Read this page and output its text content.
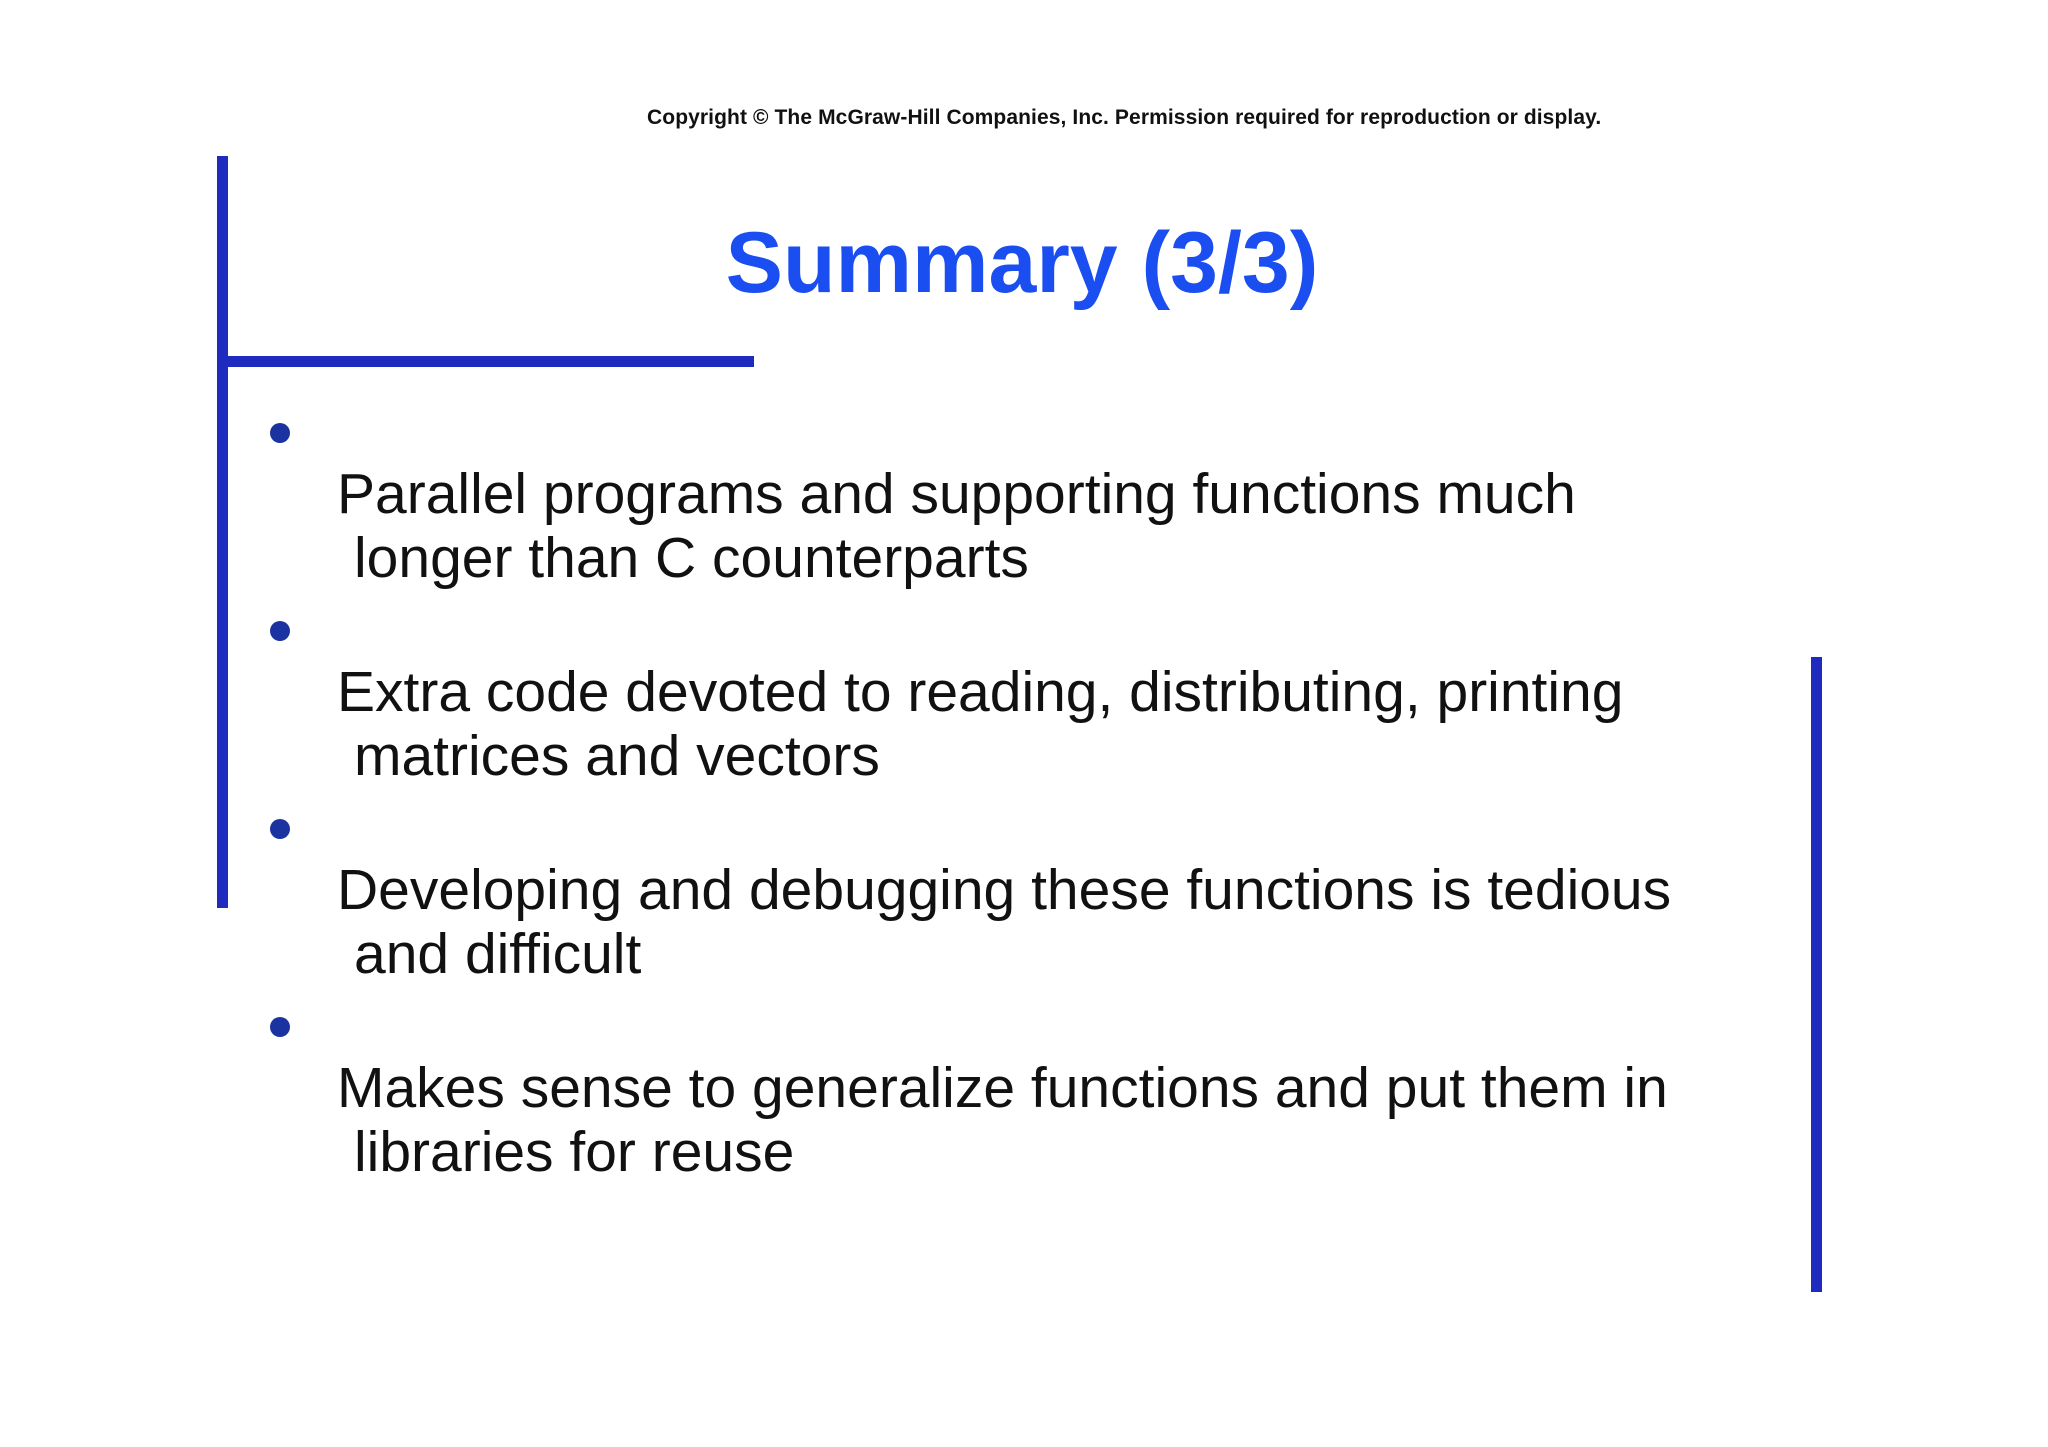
Copyright © The McGraw-Hill Companies, Inc. Permission required for reproduction or display.
Summary (3/3)

Parallel programs and supporting functions much

longer than C counterparts

Extra code devoted to reading, distributing, printing

matrices and vectors

Developing and debugging these functions is tedious

and difficult

Makes sense to generalize functions and put them in

libraries for reuse
